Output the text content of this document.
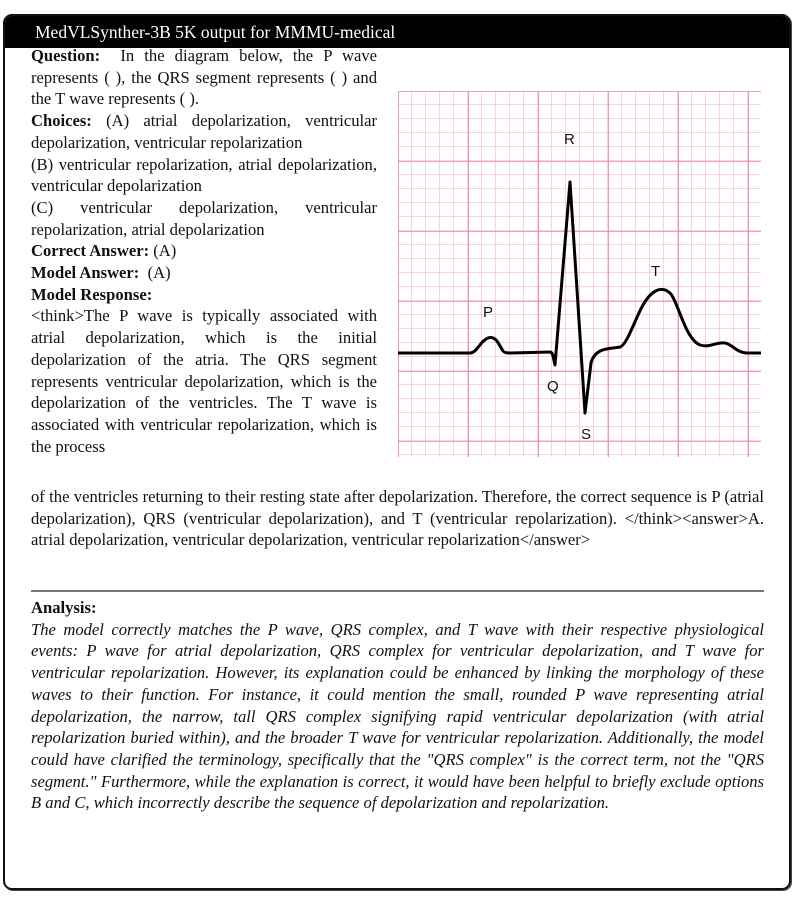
MedVLSynther-3B 5K output for MMMU-medical

Question: In the diagram below, the P wave represents ( ), the QRS segment represents ( ) and the T wave represents ( ).

Choices: (A) atrial depolarization, ventricular depolarization, ventricular repolarization

(B) ventricular repolarization, atrial depolarization, ventricular depolarization

(C) ventricular depolarization, ventricular repolarization, atrial depolarization

Correct Answer: (A)

Model Answer: (A)

Model Response:

<think>The P wave is typically associated with atrial depolarization, which is the initial depolarization of the atria. The QRS segment represents ventricular depolarization, which is the depolarization of the ventricles. The T wave is associated with ventricular repolarization, which is the process

R
T
P
Q
S

of the ventricles returning to their resting state after depolarization. Therefore, the correct sequence is P (atrial depolarization), QRS (ventricular depolarization), and T (ventricular repolarization). </think><answer>A. atrial depolarization, ventricular depolarization, ventricular repolarization</answer>

Analysis:
The model correctly matches the P wave, QRS complex, and T wave with their respective physiological events: P wave for atrial depolarization, QRS complex for ventricular depolarization, and T wave for ventricular repolarization. However, its explanation could be enhanced by linking the morphology of these waves to their function. For instance, it could mention the small, rounded P wave representing atrial depolarization, the narrow, tall QRS complex signifying rapid ventricular depolarization (with atrial repolarization buried within), and the broader T wave for ventricular repolarization. Additionally, the model could have clarified the terminology, specifically that the "QRS complex" is the correct term, not the "QRS segment." Furthermore, while the explanation is correct, it would have been helpful to briefly exclude options B and C, which incorrectly describe the sequence of depolarization and repolarization.
